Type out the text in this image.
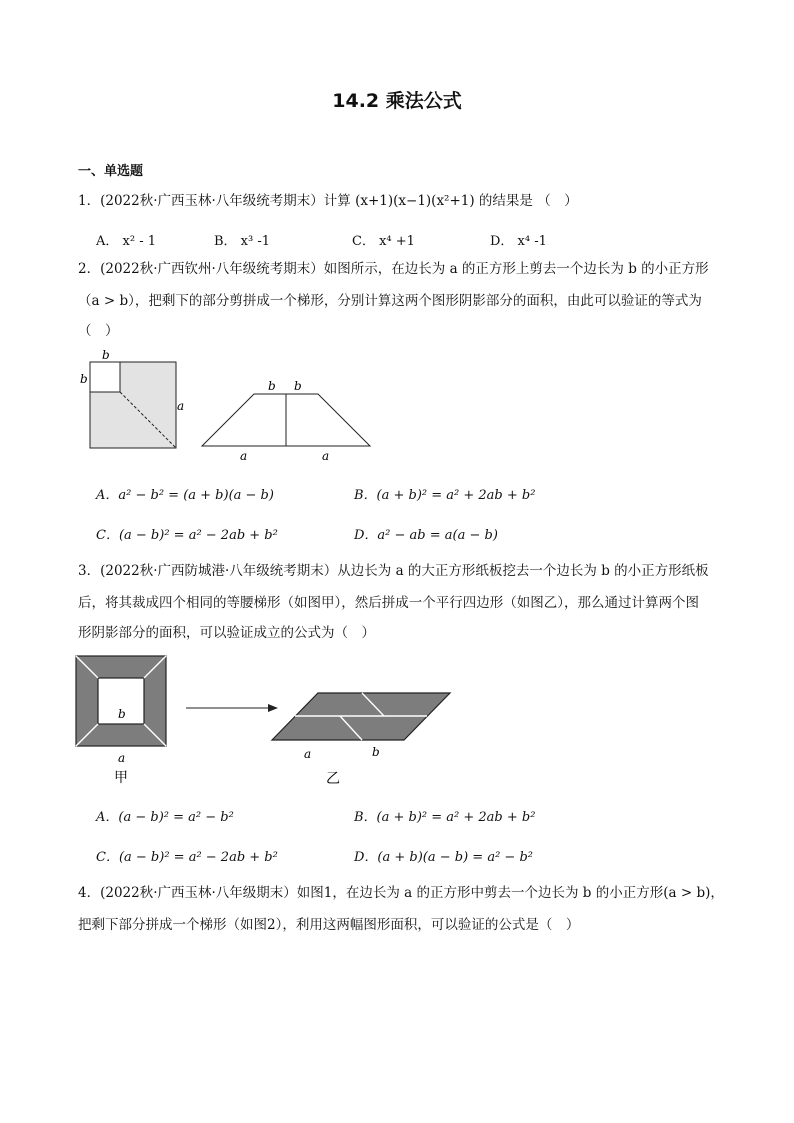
14.2 乘法公式
一、单选题
1．(2022秋·广西玉林·八年级统考期末）计算 (x+1)(x−1)(x²+1) 的结果是 （　）
A． x² - 1	B． x³ -1	C． x⁴ +1	D． x⁴ -1
2．(2022秋·广西钦州·八年级统考期末）如图所示，在边长为 a 的正方形上剪去一个边长为 b 的小正方形
（a > b），把剩下的部分剪拼成一个梯形，分别计算这两个图形阴影部分的面积，由此可以验证的等式为
（　）
b
b
a
b b
a	a
A．a² − b² = (a + b)(a − b)	B．(a + b)² = a² + 2ab + b²
C．(a − b)² = a² − 2ab + b²	D．a² − ab = a(a − b)
3．(2022秋·广西防城港·八年级统考期末）从边长为 a 的大正方形纸板挖去一个边长为 b 的小正方形纸板
后，将其裁成四个相同的等腰梯形（如图甲），然后拼成一个平行四边形（如图乙），那么通过计算两个图
形阴影部分的面积，可以验证成立的公式为（　）
b
a
甲
a	b
乙
A．(a − b)² = a² − b²	B．(a + b)² = a² + 2ab + b²
C．(a − b)² = a² − 2ab + b²	D．(a + b)(a − b) = a² − b²
4．(2022秋·广西玉林·八年级期末）如图1，在边长为 a 的正方形中剪去一个边长为 b 的小正方形(a > b)，
把剩下部分拼成一个梯形（如图2），利用这两幅图形面积，可以验证的公式是（　）
